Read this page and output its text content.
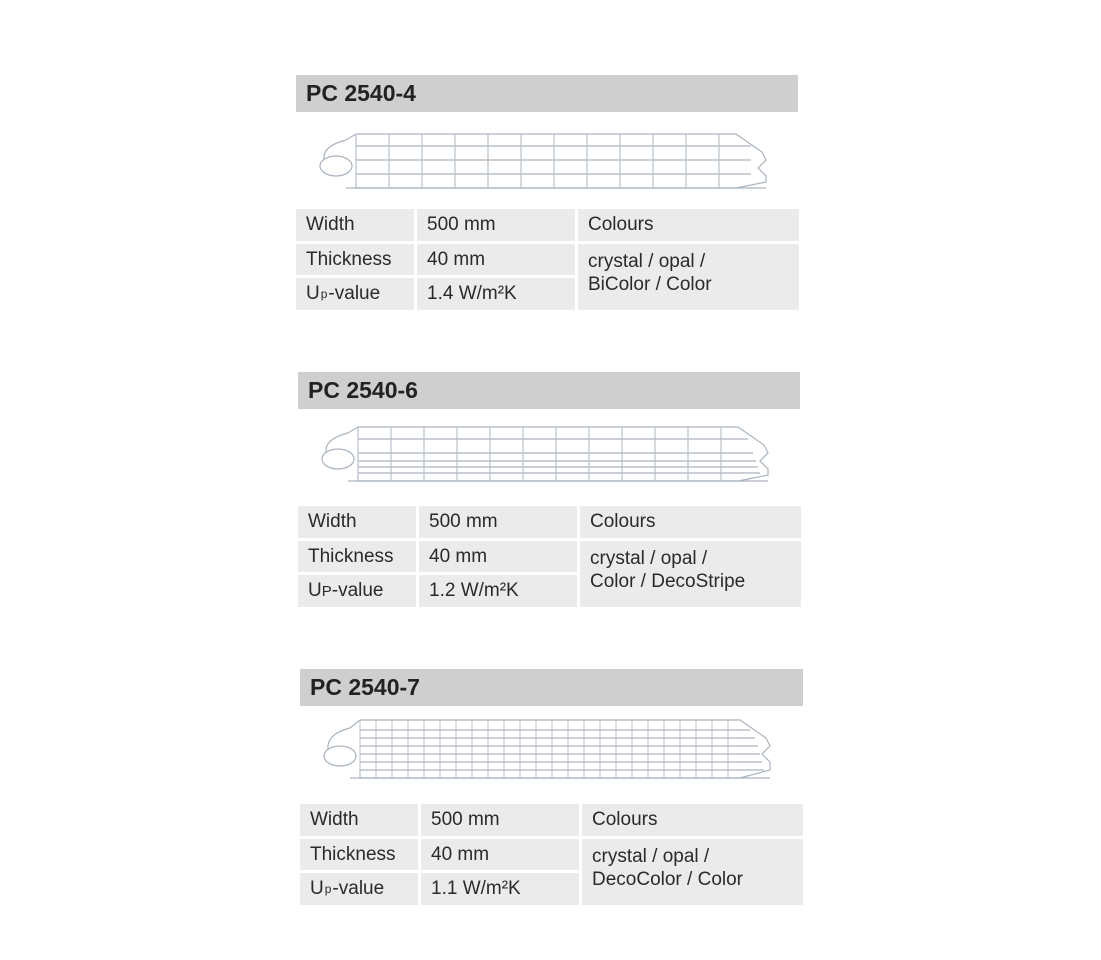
PC 2540-4
Width	500 mm	Colours
Thickness	40 mm	crystal / opal /
BiColor / Color
U p -value	1.4 W/m²K
PC 2540-6
Width	500 mm	Colours
Thickness	40 mm	crystal / opal /
Color / DecoStripe
U P -value	1.2 W/m²K
PC 2540-7
Width	500 mm	Colours
Thickness	40 mm	crystal / opal /
DecoColor / Color
U p -value	1.1 W/m²K
